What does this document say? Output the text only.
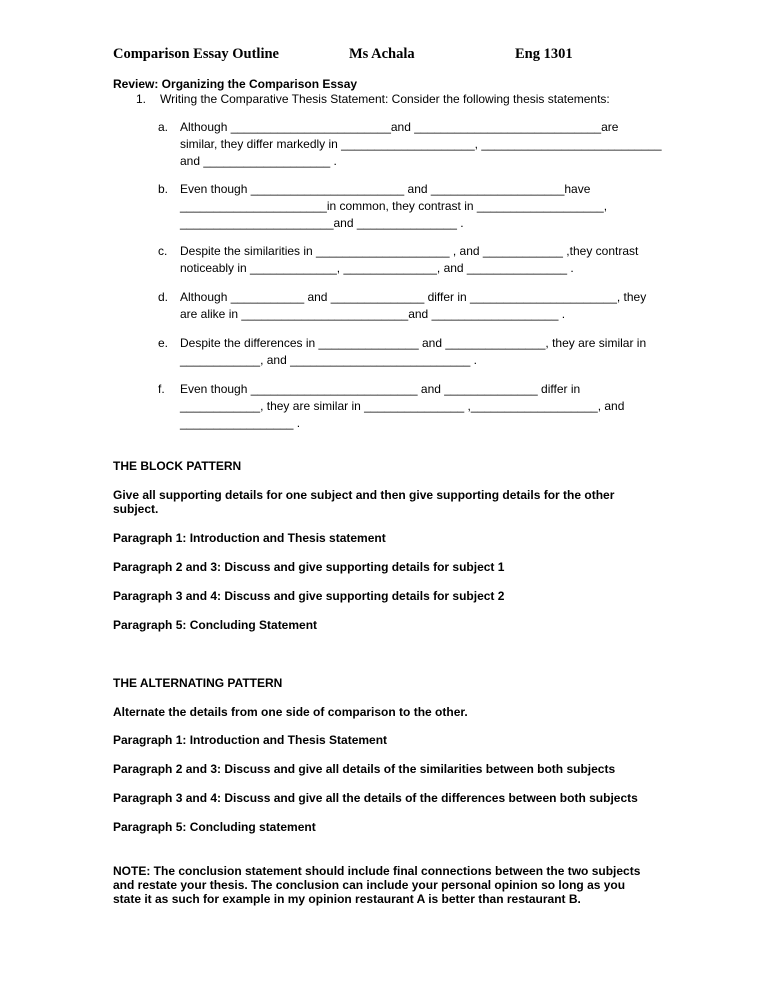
Comparison Essay Outline	Ms Achala	Eng 1301
Review: Organizing the Comparison Essay
1. Writing the Comparative Thesis Statement: Consider the following thesis statements:
a. Although ________________________and ____________________________are
similar, they differ markedly in ____________________, ___________________________
and ___________________ .
b. Even though _______________________ and ____________________have
______________________in common, they contrast in ___________________,
_______________________and _______________ .
c. Despite the similarities in ____________________ , and ____________ ,they contrast
noticeably in _____________, ______________, and _______________ .
d. Although ___________ and ______________ differ in ______________________, they
are alike in _________________________and ___________________ .
e. Despite the differences in _______________ and _______________, they are similar in
____________, and ___________________________ .
f. Even though _________________________ and ______________ differ in
____________, they are similar in _______________ ,___________________, and
_________________ .
THE BLOCK PATTERN
Give all supporting details for one subject and then give supporting details for the other
subject.
Paragraph 1: Introduction and Thesis statement
Paragraph 2 and 3: Discuss and give supporting details for subject 1
Paragraph 3 and 4: Discuss and give supporting details for subject 2
Paragraph 5: Concluding Statement
THE ALTERNATING PATTERN
Alternate the details from one side of comparison to the other.
Paragraph 1: Introduction and Thesis Statement
Paragraph 2 and 3: Discuss and give all details of the similarities between both subjects
Paragraph 3 and 4: Discuss and give all the details of the differences between both subjects
Paragraph 5: Concluding statement
NOTE: The conclusion statement should include final connections between the two subjects
and restate your thesis. The conclusion can include your personal opinion so long as you
state it as such for example in my opinion restaurant A is better than restaurant B.
